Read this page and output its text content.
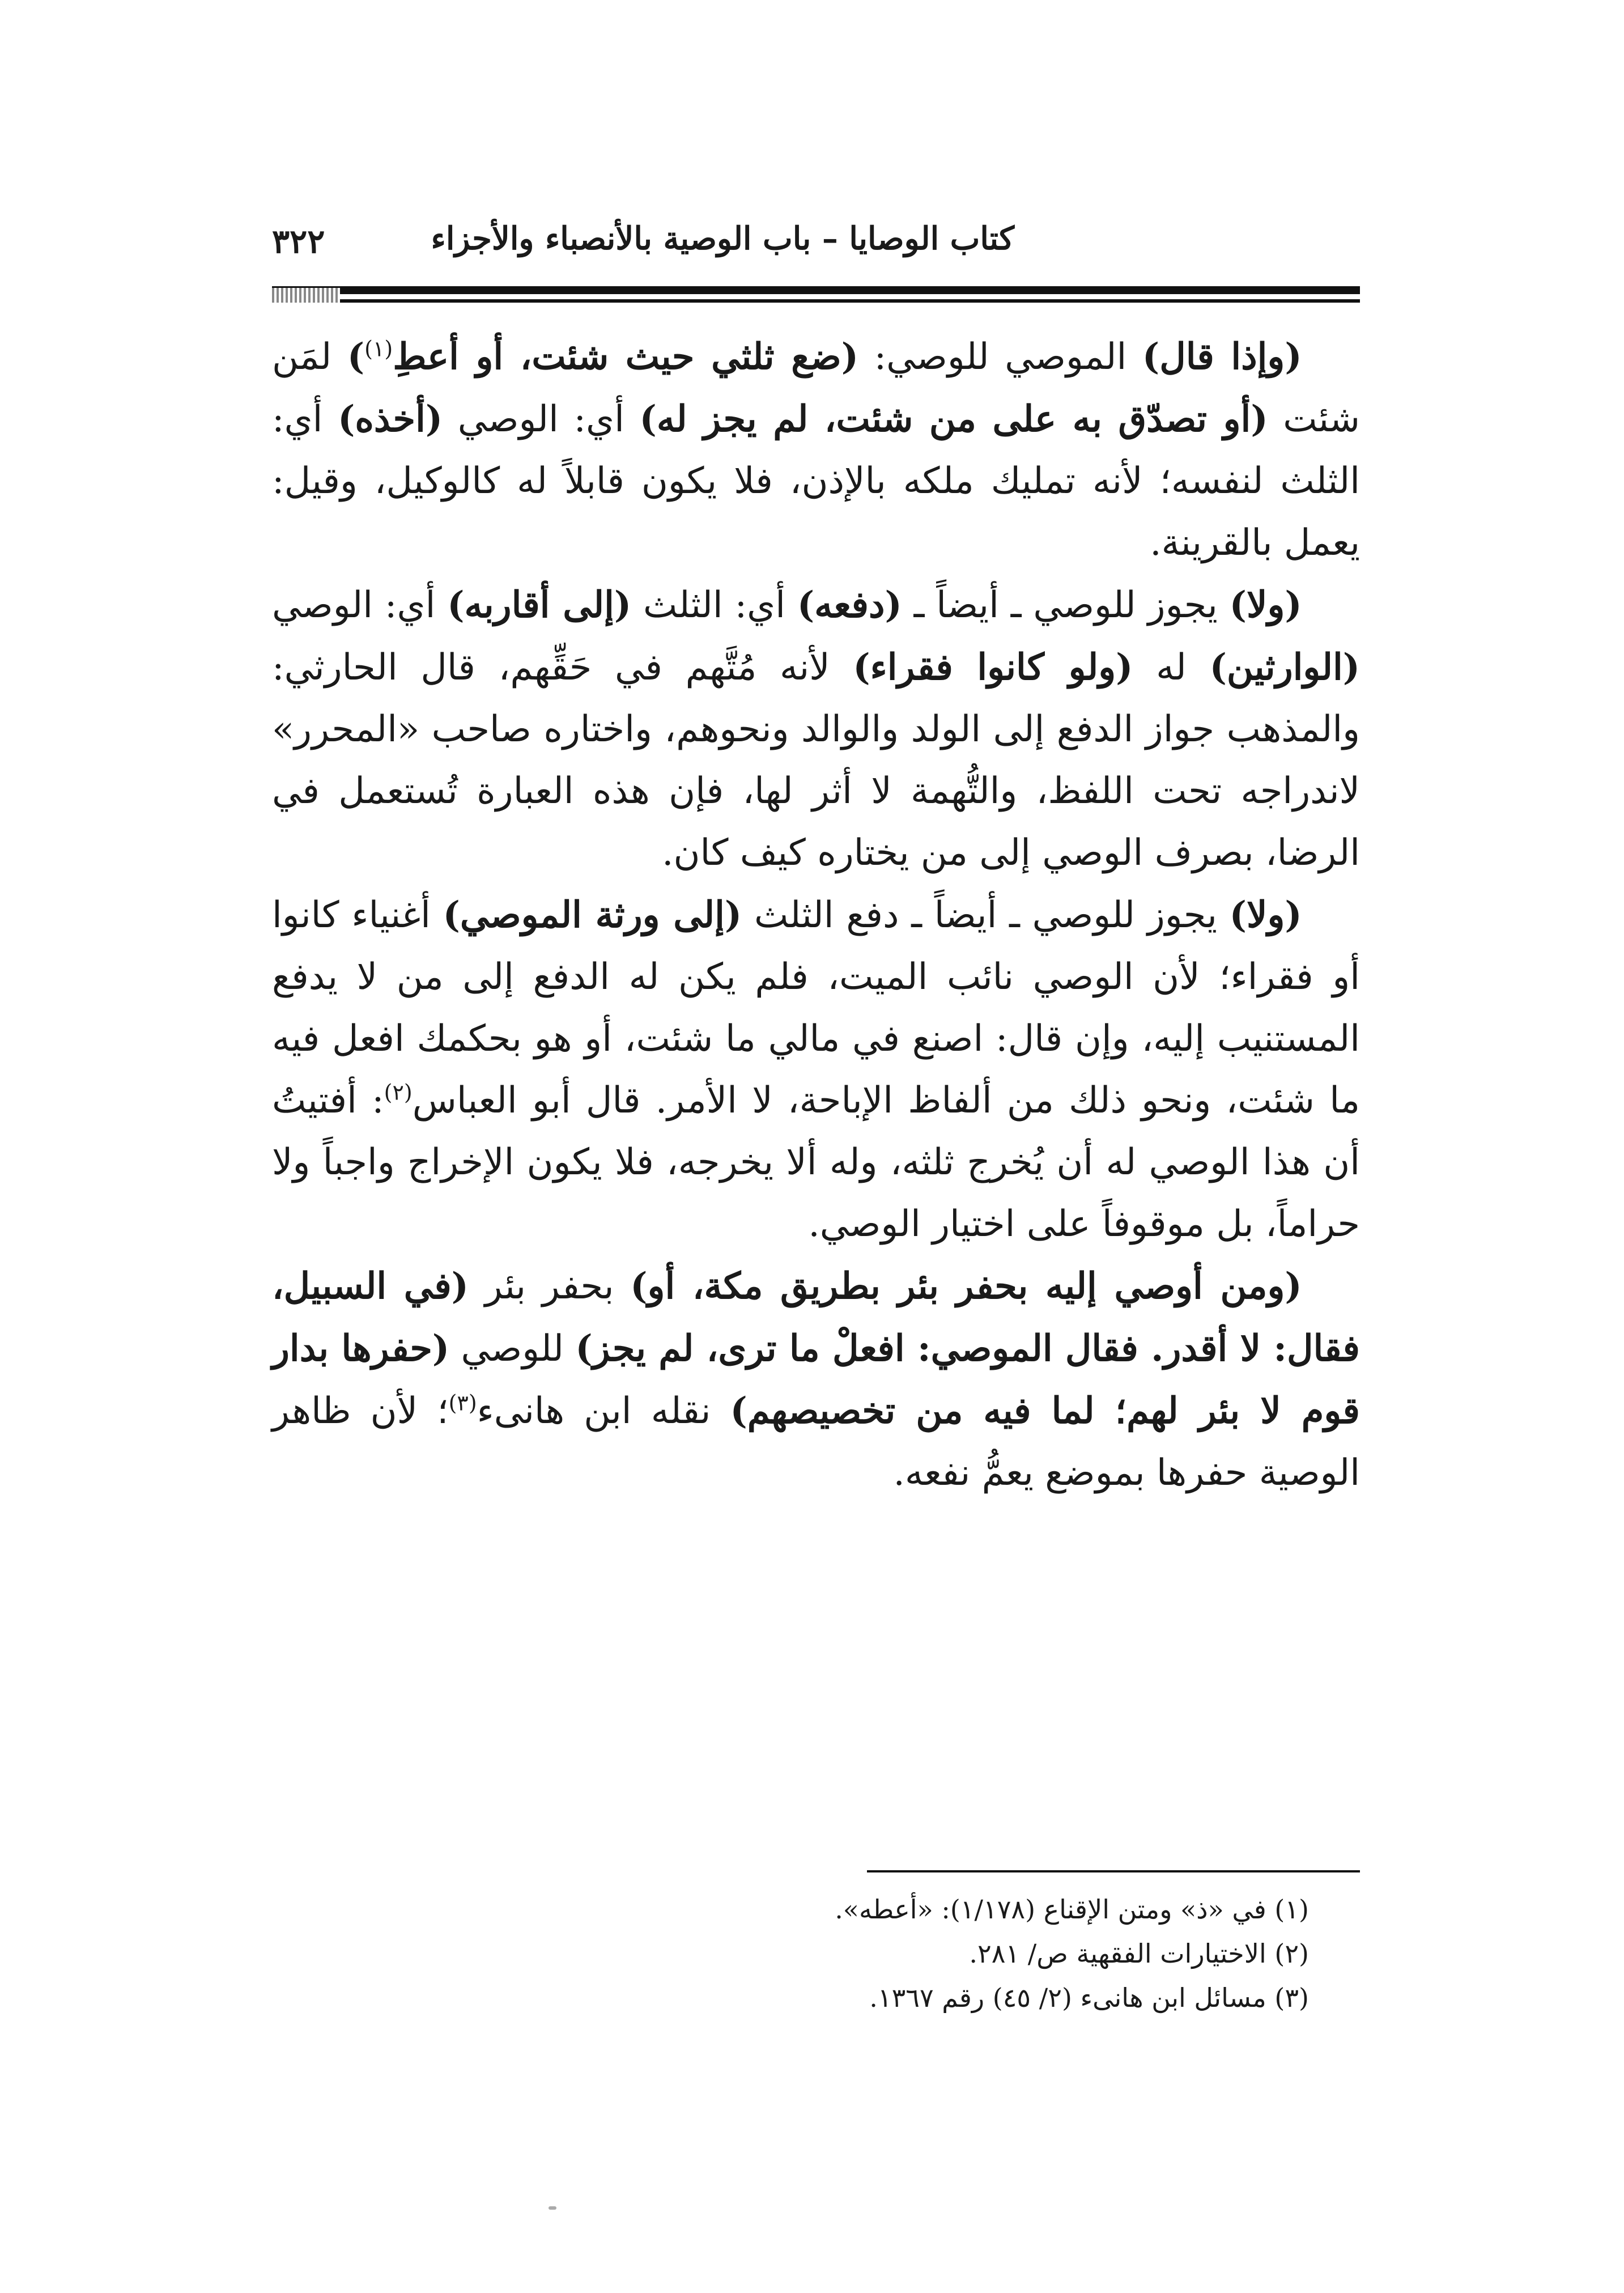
كتاب الوصايا – باب الوصية بالأنصباء والأجزاء
٣٢٢

(وإذا قال) الموصي للوصي: (ضع ثلثي حيث شئت، أو أعطِ$^{(١)}$) لمَن شئت (أو تصدّق به على من شئت، لم يجز له) أي: الوصي (أخذه) أي: الثلث لنفسه؛ لأنه تمليك ملكه بالإذن، فلا يكون قابلاً له كالوكيل، وقيل: يعمل بالقرينة.

(ولا) يجوز للوصي ـ أيضاً ـ (دفعه) أي: الثلث (إلى أقاربه) أي: الوصي (الوارثين) له (ولو كانوا فقراء) لأنه مُتَّهم في حَقِّهم، قال الحارثي: والمذهب جواز الدفع إلى الولد والوالد ونحوهم، واختاره صاحب «المحرر» لاندراجه تحت اللفظ، والتُّهمة لا أثر لها، فإن هذه العبارة تُستعمل في الرضا، بصرف الوصي إلى من يختاره كيف كان.

(ولا) يجوز للوصي ـ أيضاً ـ دفع الثلث (إلى ورثة الموصي) أغنياء كانوا أو فقراء؛ لأن الوصي نائب الميت، فلم يكن له الدفع إلى من لا يدفع المستنيب إليه، وإن قال: اصنع في مالي ما شئت، أو هو بحكمك افعل فيه ما شئت، ونحو ذلك من ألفاظ الإباحة، لا الأمر. قال أبو العباس$^{(٢)}$: أفتيتُ أن هذا الوصي له أن يُخرج ثلثه، وله ألا يخرجه، فلا يكون الإخراج واجباً ولا حراماً، بل موقوفاً على اختيار الوصي.

(ومن أوصي إليه بحفر بئر بطريق مكة، أو) بحفر بئر (في السبيل، فقال: لا أقدر. فقال الموصي: افعلْ ما ترى، لم يجز) للوصي (حفرها بدار قوم لا بئر لهم؛ لما فيه من تخصيصهم) نقله ابن هانىء$^{(٣)}$؛ لأن ظاهر الوصية حفرها بموضع يعمُّ نفعه.

(١) في «ذ» ومتن الإقناع (١/١٧٨): «أعطه».

(٢) الاختيارات الفقهية ص/ ٢٨١.

(٣) مسائل ابن هانىء (٢/ ٤٥) رقم ١٣٦٧.
